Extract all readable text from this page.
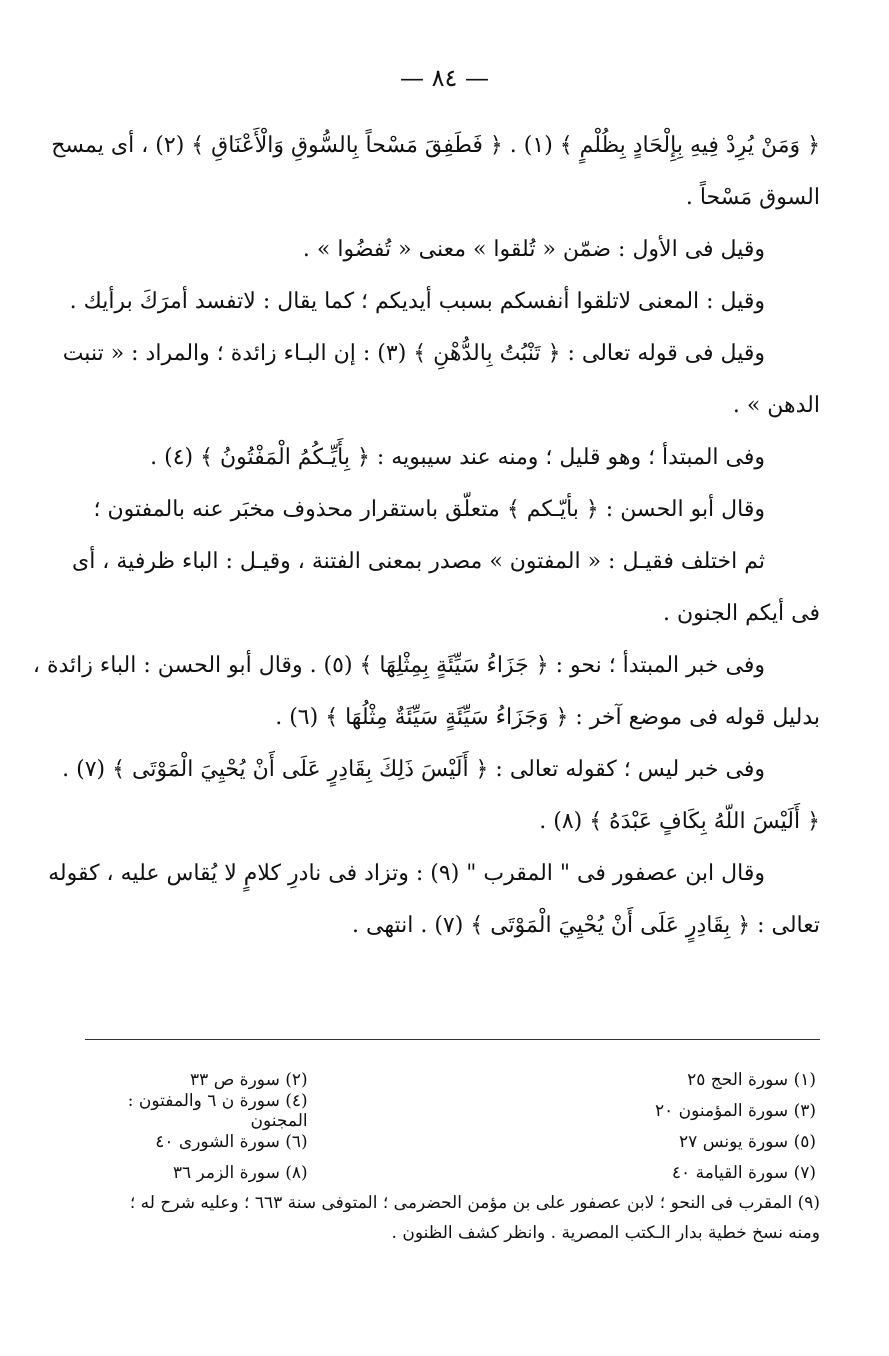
— ٨٤ —
﴿ وَمَنْ يُرِدْ فِيهِ بِإِلْحَادٍ بِظُلْمٍ ﴾ (١) . ﴿ فَطَفِقَ مَسْحاً بِالسُّوقِ وَالْأَعْنَاقِ ﴾ (٢) ، أى يمسح
السوق مَسْحاً .
وقيل فى الأول : ضمّن « تُلقوا » معنى « تُفضُوا » .
وقيل : المعنى لاتلقوا أنفسكم بسبب أيديكم ؛ كما يقال : لاتفسد أمرَكَ برأيك .
وقيل فى قوله تعالى : ﴿ تَنْبُتُ بِالدُّهْنِ ﴾ (٣) : إن البـاء زائدة ؛ والمراد : « تنبت
الدهن » .
وفى المبتدأ ؛ وهو قليل ؛ ومنه عند سيبويه : ﴿ بِأَيِّـكُمُ الْمَفْتُونُ ﴾ (٤) .
وقال أبو الحسن : ﴿ بأيّـكم ﴾ متعلّق باستقرار محذوف مخبَر عنه بالمفتون ؛
ثم اختلف فقيـل : « المفتون » مصدر بمعنى الفتنة ، وقيـل : الباء ظرفية ، أى
فى أيكم الجنون .
وفى خبر المبتدأ ؛ نحو : ﴿ جَزَاءُ سَيِّئَةٍ بِمِثْلِهَا ﴾ (٥) . وقال أبو الحسن : الباء زائدة ،
بدليل قوله فى موضع آخر : ﴿ وَجَزَاءُ سَيِّئَةٍ سَيِّئَةٌ مِثْلُهَا ﴾ (٦) .
وفى خبر ليس ؛ كقوله تعالى : ﴿ أَلَيْسَ ذَلِكَ بِقَادِرٍ عَلَى أَنْ يُحْيِيَ الْمَوْتَى ﴾ (٧) .
﴿ أَلَيْسَ اللّهُ بِكَافٍ عَبْدَهُ ﴾ (٨) .
وقال ابن عصفور فى " المقرب " (٩) : وتزاد فى نادرِ كلامٍ لا يُقاس عليه ، كقوله
تعالى : ﴿ بِقَادِرٍ عَلَى أَنْ يُحْيِيَ الْمَوْتَى ﴾ (٧) . انتهى .
(١) سورة الحج ٢٥
(٢) سورة ص ٣٣
(٣) سورة المؤمنون ٢٠
(٤) سورة ن ٦ والمفتون : المجنون
(٥) سورة يونس ٢٧
(٦) سورة الشورى ٤٠
(٧) سورة القيامة ٤٠
(٨) سورة الزمر ٣٦
(٩) المقرب فى النحو ؛ لابن عصفور على بن مؤمن الحضرمى ؛ المتوفى سنة ٦٦٣ ؛ وعليه شرح له ؛
ومنه نسخ خطية بدار الـكتب المصرية . وانظر كشف الظنون .
